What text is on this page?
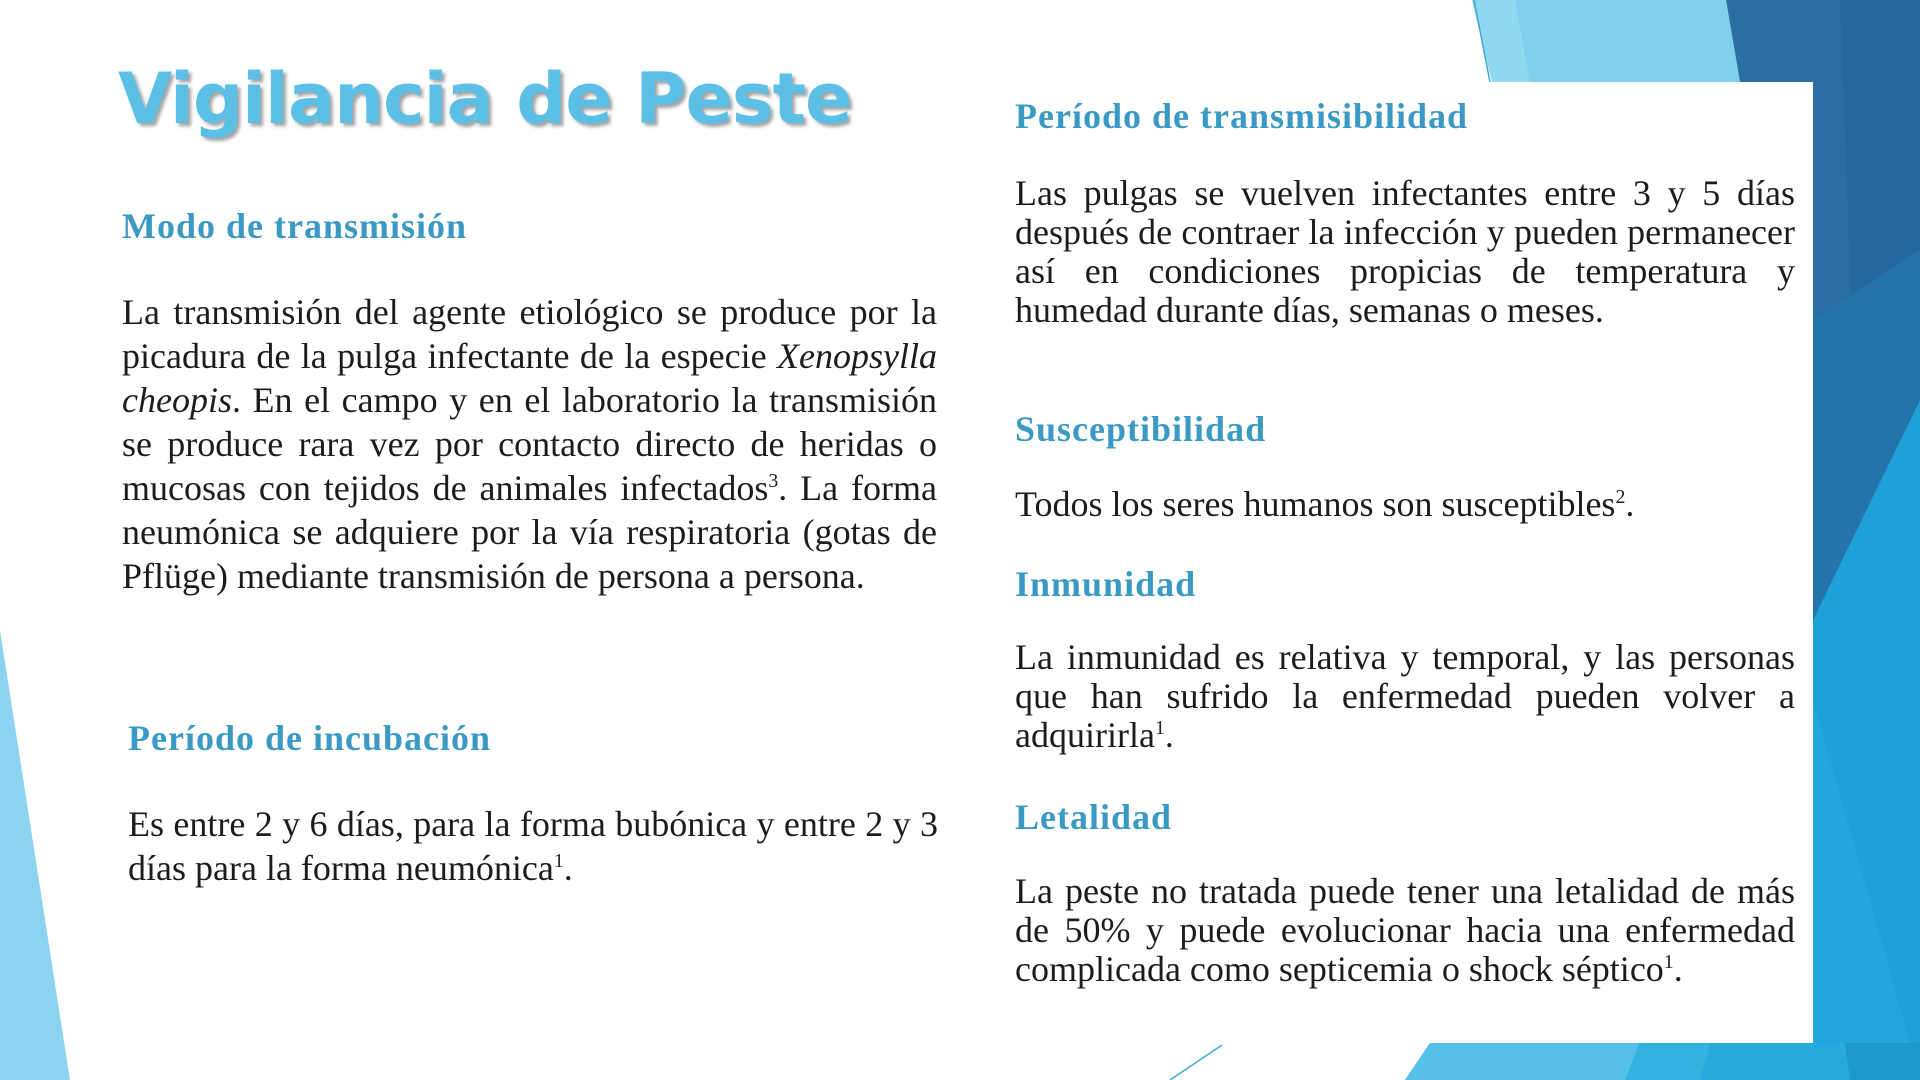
Vigilancia de Peste
Modo de transmisión
La transmisión del agente etiológico se produce por la picadura de la pulga infectante de la especie Xenopsylla cheopis. En el campo y en el laboratorio la transmisión se produce rara vez por contacto directo de heridas o mucosas con tejidos de animales infectados$^3$. La forma neumónica se adquiere por la vía respiratoria (gotas de Pflüge) mediante transmisión de persona a persona.
Período de incubación
Es entre 2 y 6 días, para la forma bubónica y entre 2 y 3 días para la forma neumónica$^1$.
Período de transmisibilidad
Las pulgas se vuelven infectantes entre 3 y 5 días después de contraer la infección y pueden permanecer así en condiciones propicias de temperatura y humedad durante días, semanas o meses.
Susceptibilidad
Todos los seres humanos son susceptibles$^2$.
Inmunidad
La inmunidad es relativa y temporal, y las personas que han sufrido la enfermedad pueden volver a adquirirla$^1$.
Letalidad
La peste no tratada puede tener una letalidad de más de 50% y puede evolucionar hacia una enfermedad complicada como septicemia o shock séptico$^1$.
